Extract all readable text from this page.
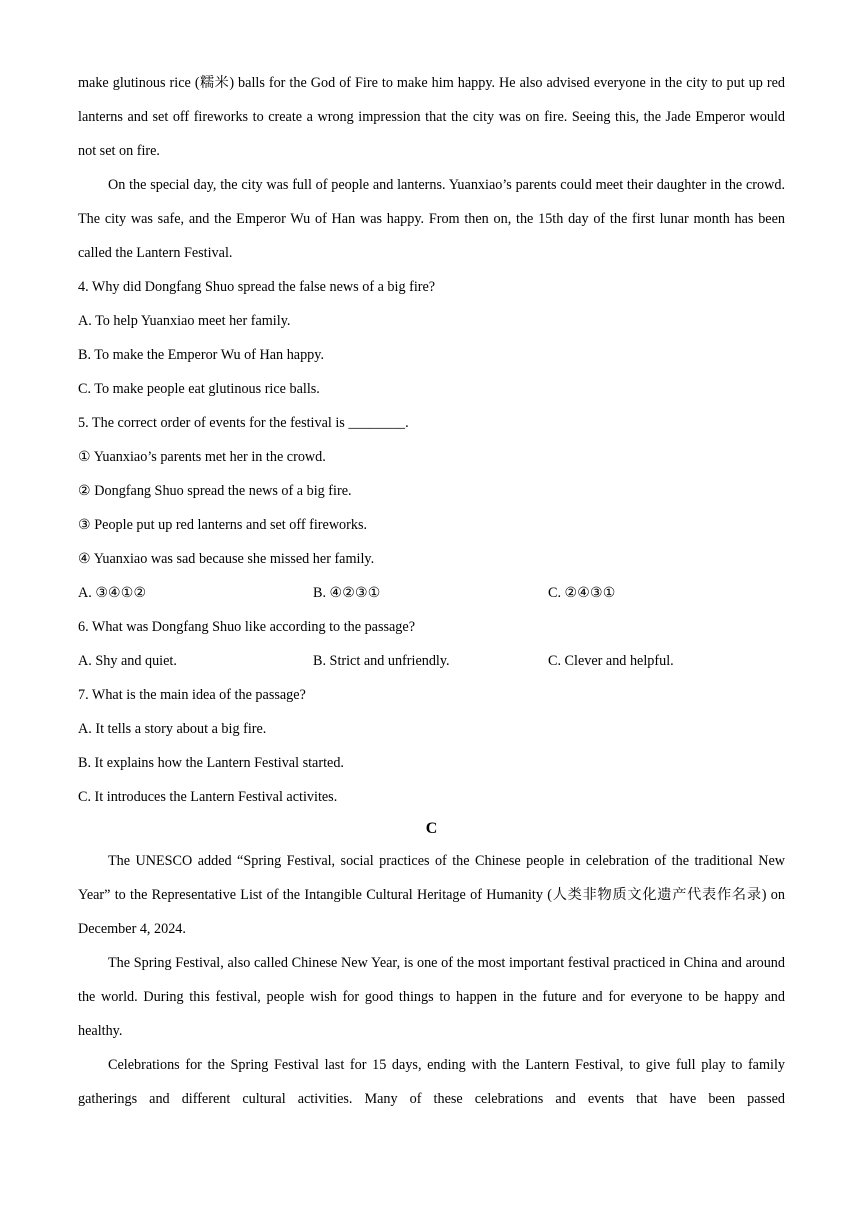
make glutinous rice (糯米) balls for the God of Fire to make him happy. He also advised everyone in the city to put up red lanterns and set off fireworks to create a wrong impression that the city was on fire. Seeing this, the Jade Emperor would not set on fire.

On the special day, the city was full of people and lanterns. Yuanxiao’s parents could meet their daughter in the crowd. The city was safe, and the Emperor Wu of Han was happy. From then on, the 15th day of the first lunar month has been called the Lantern Festival.

4. Why did Dongfang Shuo spread the false news of a big fire?

A. To help Yuanxiao meet her family.

B. To make the Emperor Wu of Han happy.

C. To make people eat glutinous rice balls.

5. The correct order of events for the festival is ________.

① Yuanxiao’s parents met her in the crowd.

② Dongfang Shuo spread the news of a big fire.

③ People put up red lanterns and set off fireworks.

④ Yuanxiao was sad because she missed her family.

A. ③④①②	B. ④②③①	C. ②④③①

6. What was Dongfang Shuo like according to the passage?

A. Shy and quiet.	B. Strict and unfriendly.	C. Clever and helpful.

7. What is the main idea of the passage?

A. It tells a story about a big fire.

B. It explains how the Lantern Festival started.

C. It introduces the Lantern Festival activites.

C

The UNESCO added “Spring Festival, social practices of the Chinese people in celebration of the traditional New Year” to the Representative List of the Intangible Cultural Heritage of Humanity (人类非物质文化遗产代表作名录) on December 4, 2024.

The Spring Festival, also called Chinese New Year, is one of the most important festival practiced in China and around the world. During this festival, people wish for good things to happen in the future and for everyone to be happy and healthy.

Celebrations for the Spring Festival last for 15 days, ending with the Lantern Festival, to give full play to family gatherings and different cultural activities. Many of these celebrations and events that have been passed
